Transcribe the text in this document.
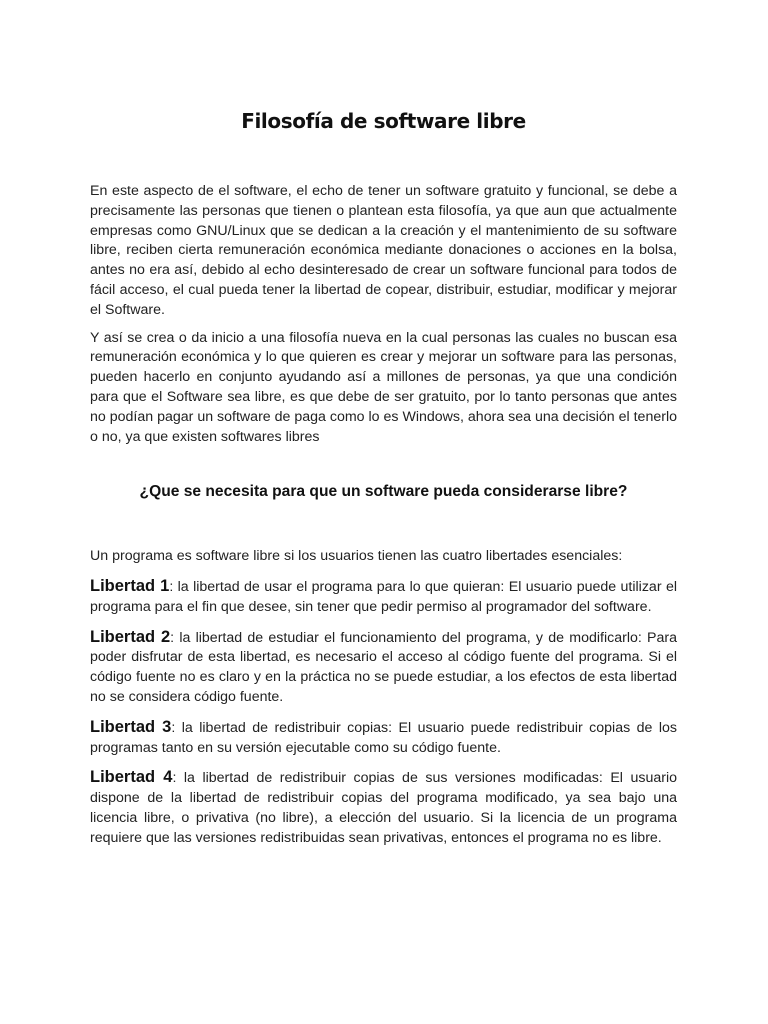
Filosofía de software libre

En este aspecto de el software, el echo de tener un software gratuito y funcional, se debe a precisamente las personas que tienen o plantean esta filosofía, ya que aun que actualmente empresas como GNU/Linux que se dedican a la creación y el mantenimiento de su software libre, reciben cierta remuneración económica mediante donaciones o acciones en la bolsa, antes no era así, debido al echo desinteresado de crear un software funcional para todos de fácil acceso, el cual pueda tener la libertad de copear, distribuir, estudiar, modificar y mejorar el Software.

Y así se crea o da inicio a una filosofía nueva en la cual personas las cuales no buscan esa remuneración económica y lo que quieren es crear y mejorar un software para las personas, pueden hacerlo en conjunto ayudando así a millones de personas, ya que una condición para que el Software sea libre, es que debe de ser gratuito, por lo tanto personas que antes no podían pagar un software de paga como lo es Windows, ahora sea una decisión el tenerlo o no, ya que existen softwares libres

¿Que se necesita para que un software pueda considerarse libre?

Un programa es software libre si los usuarios tienen las cuatro libertades esenciales:

Libertad 1: la libertad de usar el programa para lo que quieran: El usuario puede utilizar el programa para el fin que desee, sin tener que pedir permiso al programador del software.

Libertad 2: la libertad de estudiar el funcionamiento del programa, y de modificarlo: Para poder disfrutar de esta libertad, es necesario el acceso al código fuente del programa. Si el código fuente no es claro y en la práctica no se puede estudiar, a los efectos de esta libertad no se considera código fuente.

Libertad 3: la libertad de redistribuir copias: El usuario puede redistribuir copias de los programas tanto en su versión ejecutable como su código fuente.

Libertad 4: la libertad de redistribuir copias de sus versiones modificadas: El usuario dispone de la libertad de redistribuir copias del programa modificado, ya sea bajo una licencia libre, o privativa (no libre), a elección del usuario. Si la licencia de un programa requiere que las versiones redistribuidas sean privativas, entonces el programa no es libre.
